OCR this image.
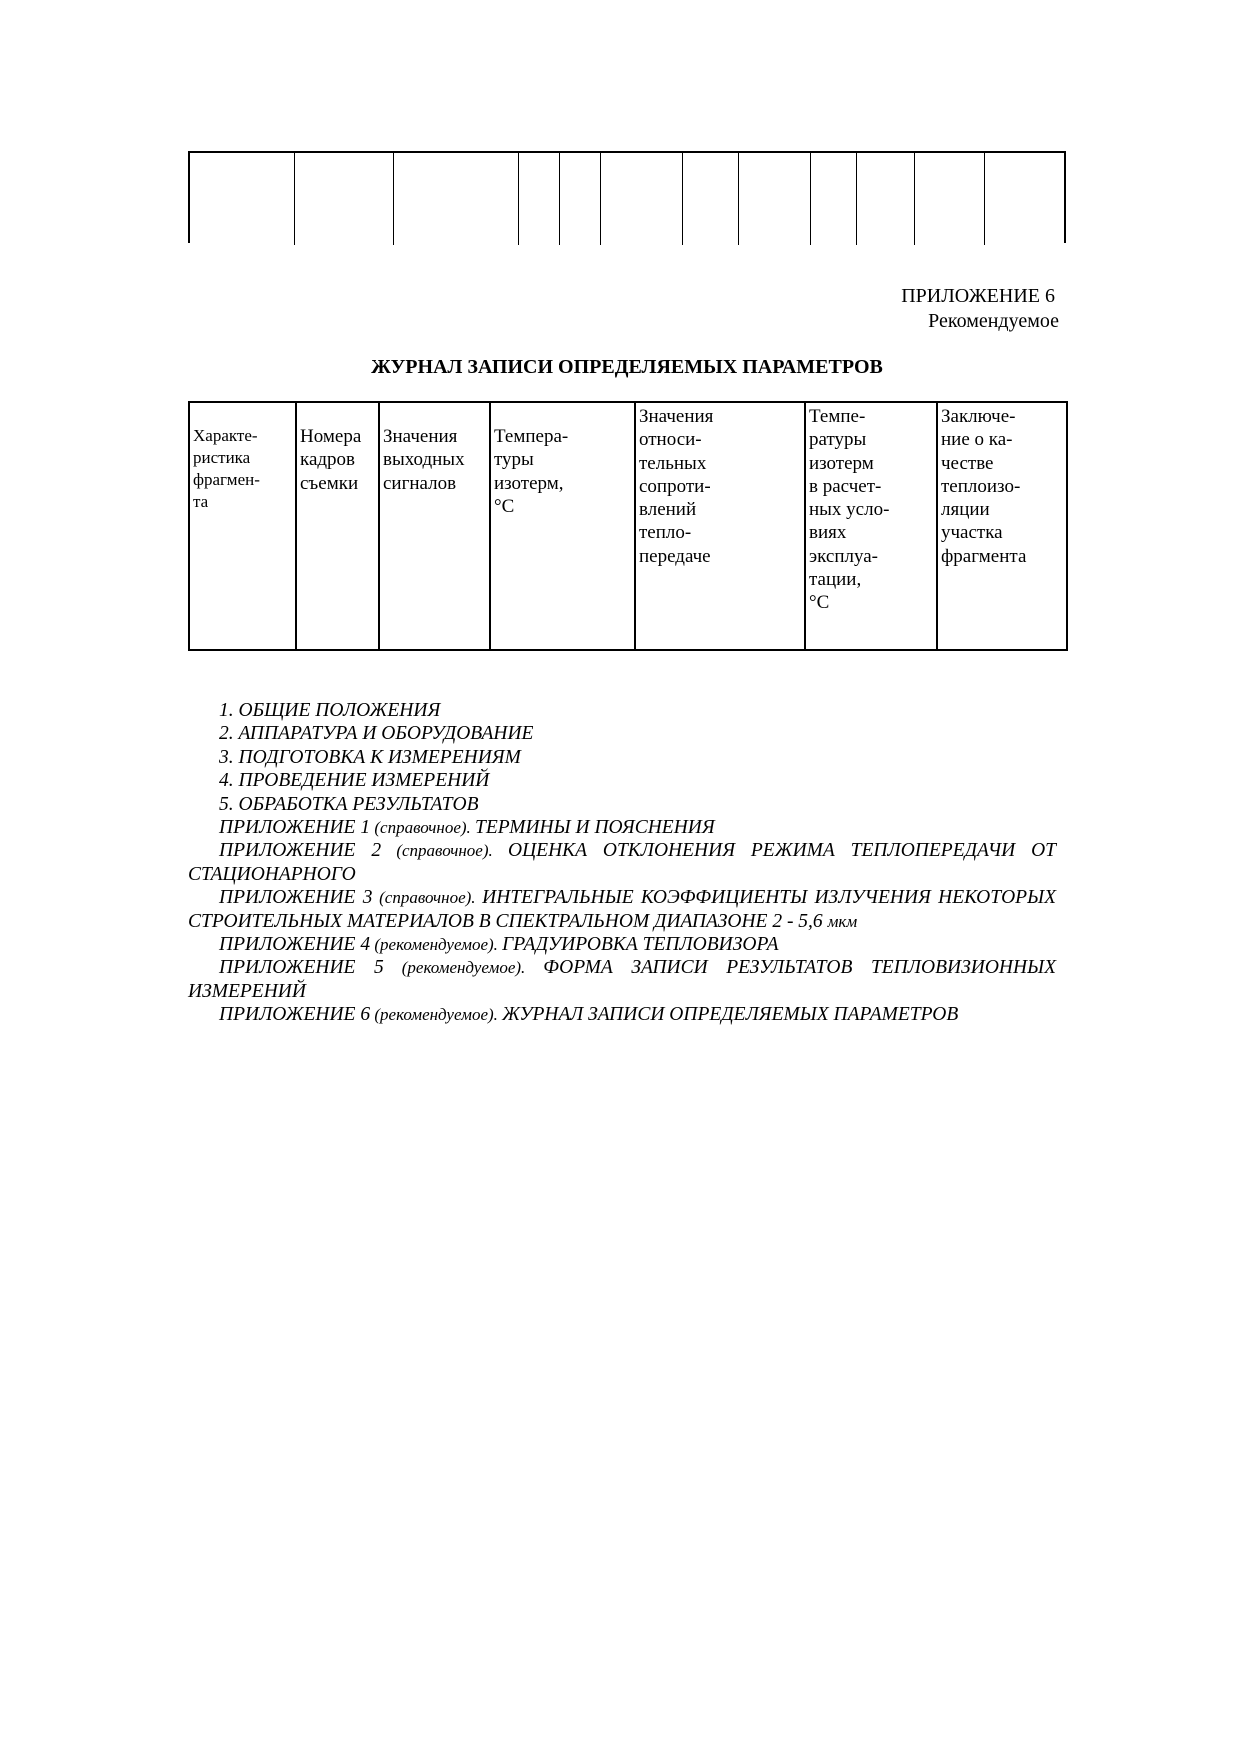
ПРИЛОЖЕНИЕ 6
Рекомендуемое
ЖУРНАЛ ЗАПИСИ ОПРЕДЕЛЯЕМЫХ ПАРАМЕТРОВ
Характе-
ристика
фрагмен-
та	Номера
кадров
съемки	Значения
выходных
сигналов	Темпера-
туры
изотерм,
°С	Значения
относи-
тельных
сопроти-
влений
тепло-
передаче	Темпе-
ратуры
изотерм
в расчет-
ных усло-
виях
эксплуа-
тации,
°С	Заключе-
ние о ка-
честве
теплоизо-
ляции
участка
фрагмента

1. ОБЩИЕ ПОЛОЖЕНИЯ

2. АППАРАТУРА И ОБОРУДОВАНИЕ

3. ПОДГОТОВКА К ИЗМЕРЕНИЯМ

4. ПРОВЕДЕНИЕ ИЗМЕРЕНИЙ

5. ОБРАБОТКА РЕЗУЛЬТАТОВ

ПРИЛОЖЕНИЕ 1 (справочное). ТЕРМИНЫ И ПОЯСНЕНИЯ

ПРИЛОЖЕНИЕ 2 (справочное). ОЦЕНКА ОТКЛОНЕНИЯ РЕЖИМА ТЕПЛОПЕРЕДАЧИ ОТ СТАЦИОНАРНОГО

ПРИЛОЖЕНИЕ 3 (справочное). ИНТЕГРАЛЬНЫЕ КОЭФФИЦИЕНТЫ ИЗЛУЧЕНИЯ НЕКОТОРЫХ СТРОИТЕЛЬНЫХ МАТЕРИАЛОВ В СПЕКТРАЛЬНОМ ДИАПАЗОНЕ 2 - 5,6 мкм

ПРИЛОЖЕНИЕ 4 (рекомендуемое). ГРАДУИРОВКА ТЕПЛОВИЗОРА

ПРИЛОЖЕНИЕ 5 (рекомендуемое). ФОРМА ЗАПИСИ РЕЗУЛЬТАТОВ ТЕПЛОВИЗИОННЫХ ИЗМЕРЕНИЙ

ПРИЛОЖЕНИЕ 6 (рекомендуемое). ЖУРНАЛ ЗАПИСИ ОПРЕДЕЛЯЕМЫХ ПАРАМЕТРОВ
